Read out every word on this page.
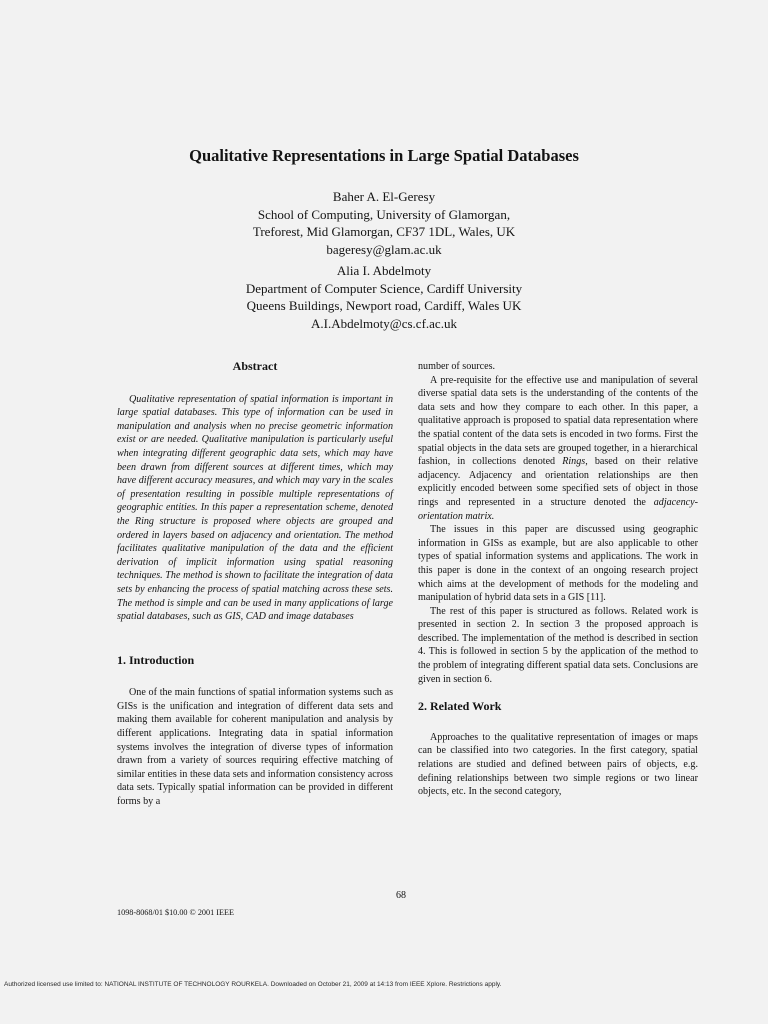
Qualitative Representations in Large Spatial Databases
Baher A. El-Geresy
School of Computing, University of Glamorgan,
Treforest, Mid Glamorgan, CF37 1DL, Wales, UK
bageresy@glam.ac.uk
Alia I. Abdelmoty
Department of Computer Science, Cardiff University
Queens Buildings, Newport road, Cardiff, Wales UK
A.I.Abdelmoty@cs.cf.ac.uk
Abstract

Qualitative representation of spatial information is important in large spatial databases. This type of information can be used in manipulation and analysis when no precise geometric information exist or are needed. Qualitative manipulation is particularly useful when integrating different geographic data sets, which may have been drawn from different sources at different times, which may have different accuracy measures, and which may vary in the scales of presentation resulting in possible multiple representations of geographic entities. In this paper a representation scheme, denoted the Ring structure is proposed where objects are grouped and ordered in layers based on adjacency and orientation. The method facilitates qualitative manipulation of the data and the efficient derivation of implicit information using spatial reasoning techniques. The method is shown to facilitate the integration of data sets by enhancing the process of spatial matching across these sets. The method is simple and can be used in many applications of large spatial databases, such as GIS, CAD and image databases

1. Introduction

One of the main functions of spatial information systems such as GISs is the unification and integration of different data sets and making them available for coherent manipulation and analysis by different applications. Integrating data in spatial information systems involves the integration of diverse types of information drawn from a variety of sources requiring effective matching of similar entities in these data sets and information consistency across data sets. Typically spatial information can be provided in different forms by a

number of sources.

A pre-requisite for the effective use and manipulation of several diverse spatial data sets is the understanding of the contents of the data sets and how they compare to each other. In this paper, a qualitative approach is proposed to spatial data representation where the spatial content of the data sets is encoded in two forms. First the spatial objects in the data sets are grouped together, in a hierarchical fashion, in collections denoted Rings, based on their relative adjacency. Adjacency and orientation relationships are then explicitly encoded between some specified sets of object in those rings and represented in a structure denoted the adjacency-orientation matrix.

The issues in this paper are discussed using geographic information in GISs as example, but are also applicable to other types of spatial information systems and applications. The work in this paper is done in the context of an ongoing research project which aims at the development of methods for the modeling and manipulation of hybrid data sets in a GIS [11].

The rest of this paper is structured as follows. Related work is presented in section 2. In section 3 the proposed approach is described. The implementation of the method is described in section 4. This is followed in section 5 by the application of the method to the problem of integrating different spatial data sets. Conclusions are given in section 6.

2. Related Work

Approaches to the qualitative representation of images or maps can be classified into two categories. In the first category, spatial relations are studied and defined between pairs of objects, e.g. defining relationships between two simple regions or two linear objects, etc. In the second category,

68
1098-8068/01 $10.00 © 2001 IEEE
Authorized licensed use limited to: NATIONAL INSTITUTE OF TECHNOLOGY ROURKELA. Downloaded on October 21, 2009 at 14:13 from IEEE Xplore. Restrictions apply.
